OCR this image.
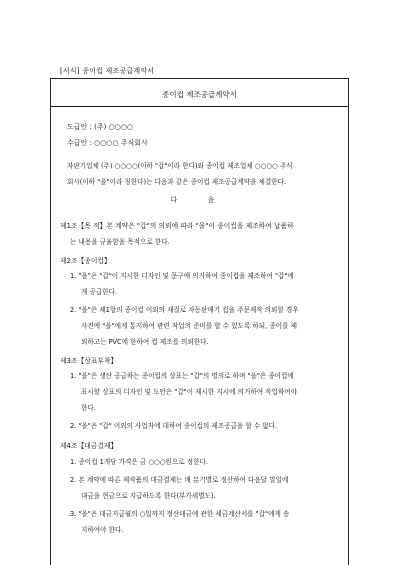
[서식] 종이컵 제조공급계약서
종이컵 제조공급계약서
도급인 : (주) ○○○○
수급인 : ○○○○ 주식회사
자판기업체 (주) ○○○○(이하 "갑"이라 한다)와 종이컵 제조업체 ○○○○ 주식
회사(이하 "을"이라 칭한다)는 다음과 같은 종이컵 제조공급계약을 체결한다.
다 음
제1조【목 적】본 계약은 "갑"의 의뢰에 따라 "을"이 종이컵을 제조하여 납품하
는 내용을 규율함을 목적으로 한다.
제2조【종이컵】
1. "을"은 "갑"이 지시한 디자인 및 문구에 의거하여 종이컵을 제조하여 "갑"에
게 공급한다.
2. "을"은 제1항의 종이컵 이외의 재질로 자동판매기 컵을 주문제작 의뢰할 경우
사전에 "을"에게 통지하여 관련 작업의 준비를 할 수 있도록 하되, 종이를 제
외하고는 PVC에 한하여 컵 제조를 의뢰한다.
제3조【상표부착】
1. "을"은 생산 공급하는 종이컵의 상표는 "갑"의 명의로 하며 "을"은 종이컵에
표시할 상표의 디자인 및 도안은 "갑"이 제시한 지시에 의거하여 작업하여야
한다.
2. "을"은 "갑" 이외의 사업자에 대하여 종이컵의 제조공급을 할 수 없다.
제4조【대금결제】
1. 종이컵 1개당 가격은 금 ○○○원으로 정한다.
2. 본 계약에 따른 제작품의 대금결제는 매 분기별로 정산하여 다음달 말일에
대금을 현금으로 지급하도록 한다(부가세별도).
3. "을"은 대금지급월의 ○일까지 정산대금에 관한 세금계산서를 "갑"에게 송
지하여야 한다.
